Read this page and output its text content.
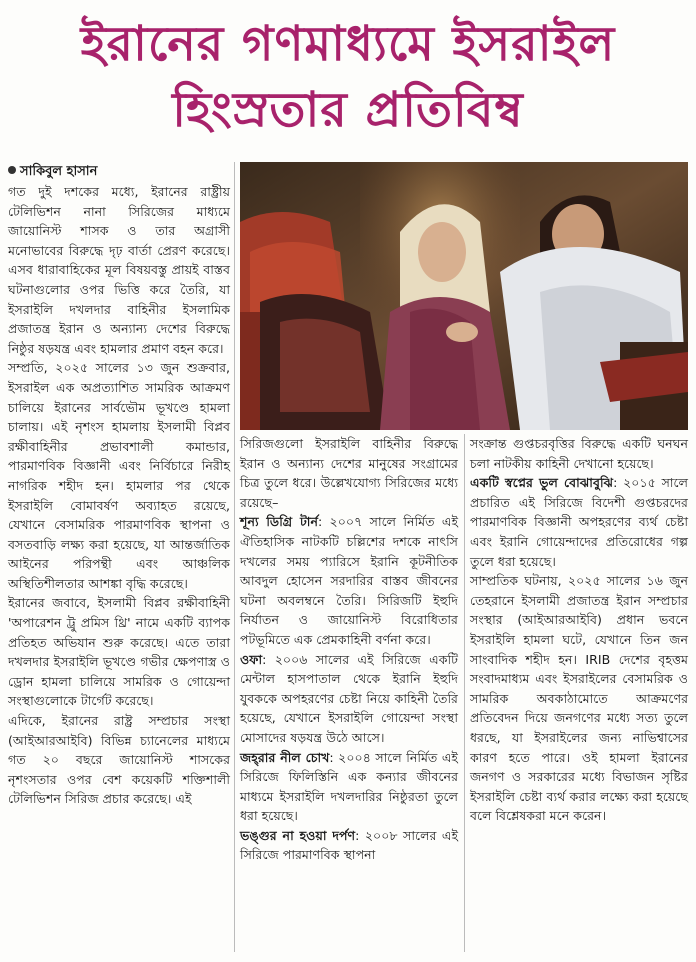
ইরানের গণমাধ্যমে ইসরাইল
হিংস্রতার প্রতিবিম্ব
সাকিবুল হাসান

গত দুই দশকের মধ্যে, ইরানের রাষ্ট্রীয় টেলিভিশন নানা সিরিজের মাধ্যমে জায়োনিস্ট শাসক ও তার অগ্রাসী মনোভাবের বিরুদ্ধে দৃঢ় বার্তা প্রেরণ করেছে। এসব ধারাবাহিকের মূল বিষয়বস্তু প্রায়ই বাস্তব ঘটনাগুলোর ওপর ভিত্তি করে তৈরি, যা ইসরাইলি দখলদার বাহিনীর ইসলামিক প্রজাতন্ত্র ইরান ও অন্যান্য দেশের বিরুদ্ধে নিষ্ঠুর ষড়যন্ত্র এবং হামলার প্রমাণ বহন করে।

সম্প্রতি, ২০২৫ সালের ১৩ জুন শুক্রবার, ইসরাইল এক অপ্রত্যাশিত সামরিক আক্রমণ চালিয়ে ইরানের সার্বভৌম ভূখণ্ডে হামলা চালায়। এই নৃশংস হামলায় ইসলামী বিপ্লব রক্ষীবাহিনীর প্রভাবশালী কমান্ডার, পারমাণবিক বিজ্ঞানী এবং নির্বিচারে নিরীহ নাগরিক শহীদ হন। হামলার পর থেকে ইসরাইলি বোমাবর্ষণ অব্যাহত রয়েছে, যেখানে বেসামরিক পারমাণবিক স্থাপনা ও বসতবাড়ি লক্ষ্য করা হয়েছে, যা আন্তর্জাতিক আইনের পরিপন্থী এবং আঞ্চলিক অস্থিতিশীলতার আশঙ্কা বৃদ্ধি করেছে।

ইরানের জবাবে, ইসলামী বিপ্লব রক্ষীবাহিনী 'অপারেশন ট্রু প্রমিস থ্রি' নামে একটি ব্যাপক প্রতিহত অভিযান শুরু করেছে। এতে তারা দখলদার ইসরাইলি ভূখণ্ডে গভীর ক্ষেপণাস্ত্র ও ড্রোন হামলা চালিয়ে সামরিক ও গোয়েন্দা সংস্থাগুলোকে টার্গেট করেছে।

এদিকে, ইরানের রাষ্ট্র সম্প্রচার সংস্থা (আইআরআইবি) বিভিন্ন চ্যানেলের মাধ্যমে গত ২০ বছরে জায়োনিস্ট শাসকের নৃশংসতার ওপর বেশ কয়েকটি শক্তিশালী টেলিভিশন সিরিজ প্রচার করেছে। এই

সিরিজগুলো ইসরাইলি বাহিনীর বিরুদ্ধে ইরান ও অন্যান্য দেশের মানুষের সংগ্রামের চিত্র তুলে ধরে। উল্লেখযোগ্য সিরিজের মধ্যে রয়েছে–

শূন্য ডিগ্রি টার্ন: ২০০৭ সালে নির্মিত এই ঐতিহাসিক নাটকটি চল্লিশের দশকে নাৎসি দখলের সময় প্যারিসে ইরানি কূটনীতিক আবদুল হোসেন সরদারির বাস্তব জীবনের ঘটনা অবলম্বনে তৈরি। সিরিজটি ইহুদি নির্যাতন ও জায়োনিস্ট বিরোধিতার পটভূমিতে এক প্রেমকাহিনী বর্ণনা করে।

ওফা: ২০০৬ সালের এই সিরিজে একটি মেন্টাল হাসপাতাল থেকে ইরানি ইহুদি যুবককে অপহরণের চেষ্টা নিয়ে কাহিনী তৈরি হয়েছে, যেখানে ইসরাইলি গোয়েন্দা সংস্থা মোসাদের ষড়যন্ত্র উঠে আসে।

জহ্‌রার নীল চোখ: ২০০৪ সালে নির্মিত এই সিরিজে ফিলিস্তিনি এক কন্যার জীবনের মাধ্যমে ইসরাইলি দখলদারির নিষ্ঠুরতা তুলে ধরা হয়েছে।

ভঙ্গুর না হওয়া দর্পণ: ২০০৮ সালের এই সিরিজে পারমাণবিক স্থাপনা

সংক্রান্ত গুপ্তচরবৃত্তির বিরুদ্ধে একটি ঘনঘন চলা নাটকীয় কাহিনী দেখানো হয়েছে।

একটি স্বপ্নের ভুল বোঝাবুঝি: ২০১৫ সালে প্রচারিত এই সিরিজে বিদেশী গুপ্তচরদের পারমাণবিক বিজ্ঞানী অপহরণের ব্যর্থ চেষ্টা এবং ইরানি গোয়েন্দাদের প্রতিরোধের গল্প তুলে ধরা হয়েছে।

সাম্প্রতিক ঘটনায়, ২০২৫ সালের ১৬ জুন তেহরানে ইসলামী প্রজাতন্ত্র ইরান সম্প্রচার সংস্থার (আইআরআইবি) প্রধান ভবনে ইসরাইলি হামলা ঘটে, যেখানে তিন জন সাংবাদিক শহীদ হন। IRIB দেশের বৃহত্তম সংবাদমাধ্যম এবং ইসরাইলের বেসামরিক ও সামরিক অবকাঠামোতে আক্রমণের প্রতিবেদন দিয়ে জনগণের মধ্যে সত্য তুলে ধরছে, যা ইসরাইলের জন্য নাভিশ্বাসের কারণ হতে পারে। ওই হামলা ইরানের জনগণ ও সরকারের মধ্যে বিভাজন সৃষ্টির ইসরাইলি চেষ্টা ব্যর্থ করার লক্ষ্যে করা হয়েছে বলে বিশ্লেষকরা মনে করেন।
